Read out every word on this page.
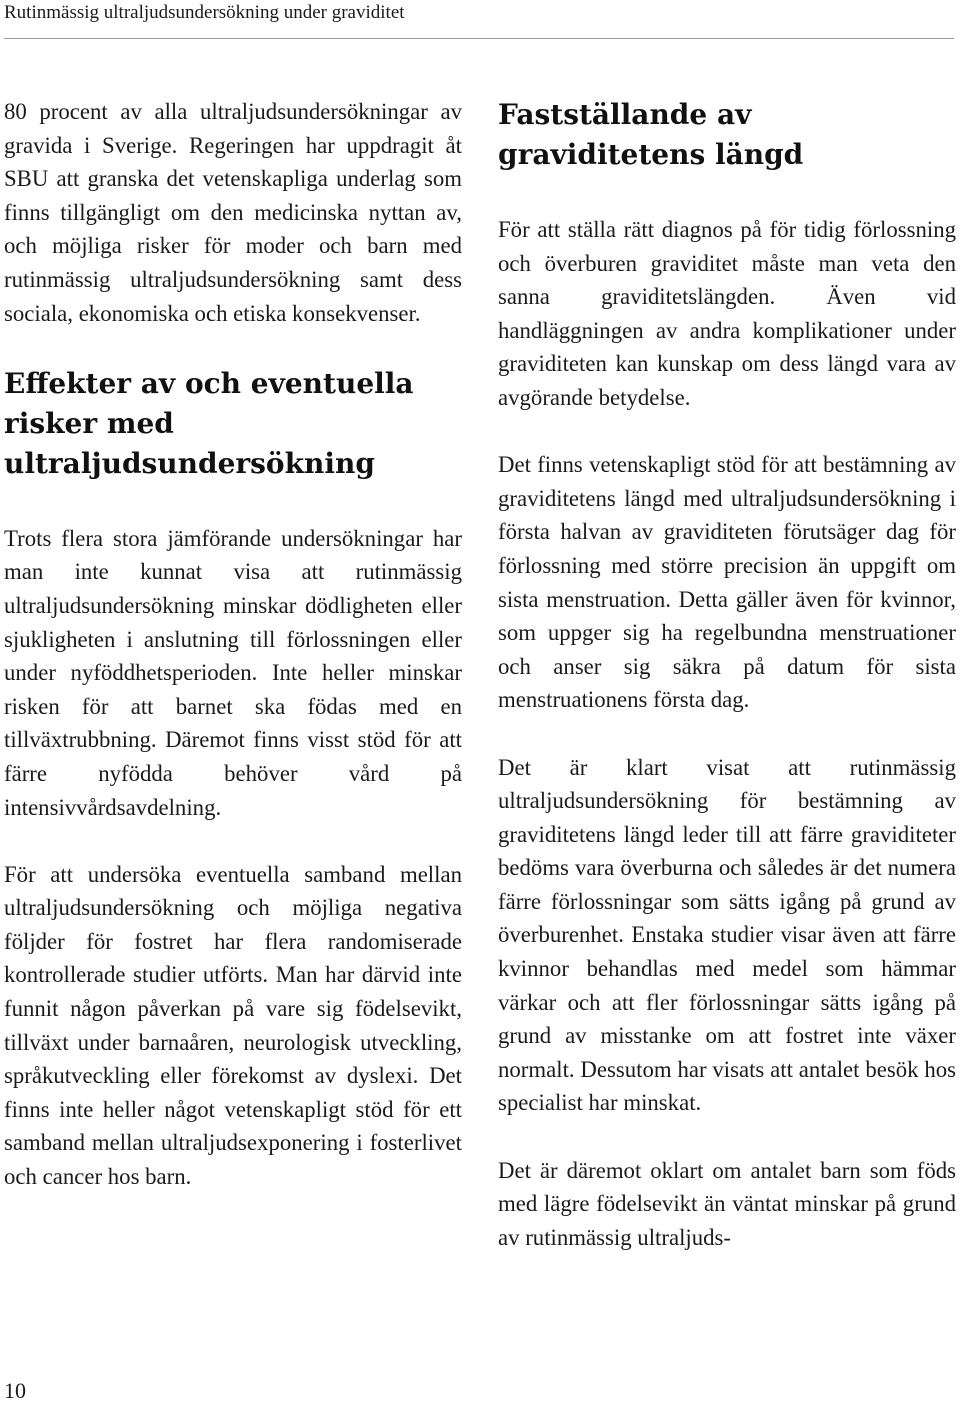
Rutinmässig ultraljudsundersökning under graviditet

80 procent av alla ultraljudsundersökningar av gravida i Sverige. Regeringen har uppdragit åt SBU att granska det vetenskapliga underlag som finns tillgängligt om den medicinska nyttan av, och möjliga risker för moder och barn med rutinmässig ultraljudsundersökning samt dess sociala, ekonomiska och etiska konsekvenser.

Effekter av och eventuella risker med ultraljudsundersökning

Trots flera stora jämförande undersökningar har man inte kunnat visa att rutinmässig ultraljudsundersökning minskar dödligheten eller sjukligheten i anslutning till förlossningen eller under nyföddhetsperioden. Inte heller minskar risken för att barnet ska födas med en tillväxtrubbning. Däremot finns visst stöd för att färre nyfödda behöver vård på intensivvårdsavdelning.

För att undersöka eventuella samband mellan ultraljudsundersökning och möjliga negativa följder för fostret har flera randomiserade kontrollerade studier utförts. Man har därvid inte funnit någon påverkan på vare sig födelsevikt, tillväxt under barnaåren, neurologisk utveckling, språkutveckling eller förekomst av dyslexi. Det finns inte heller något vetenskapligt stöd för ett samband mellan ultraljudsexponering i fosterlivet och cancer hos barn.

Fastställande av graviditetens längd

För att ställa rätt diagnos på för tidig förlossning och överburen graviditet måste man veta den sanna graviditetslängden. Även vid handläggningen av andra komplikationer under graviditeten kan kunskap om dess längd vara av avgörande betydelse.

Det finns vetenskapligt stöd för att bestämning av graviditetens längd med ultraljudsundersökning i första halvan av graviditeten förutsäger dag för förlossning med större precision än uppgift om sista menstruation. Detta gäller även för kvinnor, som uppger sig ha regelbundna menstruationer och anser sig säkra på datum för sista menstruationens första dag.

Det är klart visat att rutinmässig ultraljudsundersökning för bestämning av graviditetens längd leder till att färre graviditeter bedöms vara överburna och således är det numera färre förlossningar som sätts igång på grund av överburenhet. Enstaka studier visar även att färre kvinnor behandlas med medel som hämmar värkar och att fler förlossningar sätts igång på grund av misstanke om att fostret inte växer normalt. Dessutom har visats att antalet besök hos specialist har minskat.

Det är däremot oklart om antalet barn som föds med lägre födelsevikt än väntat minskar på grund av rutinmässig ultraljuds-

10
